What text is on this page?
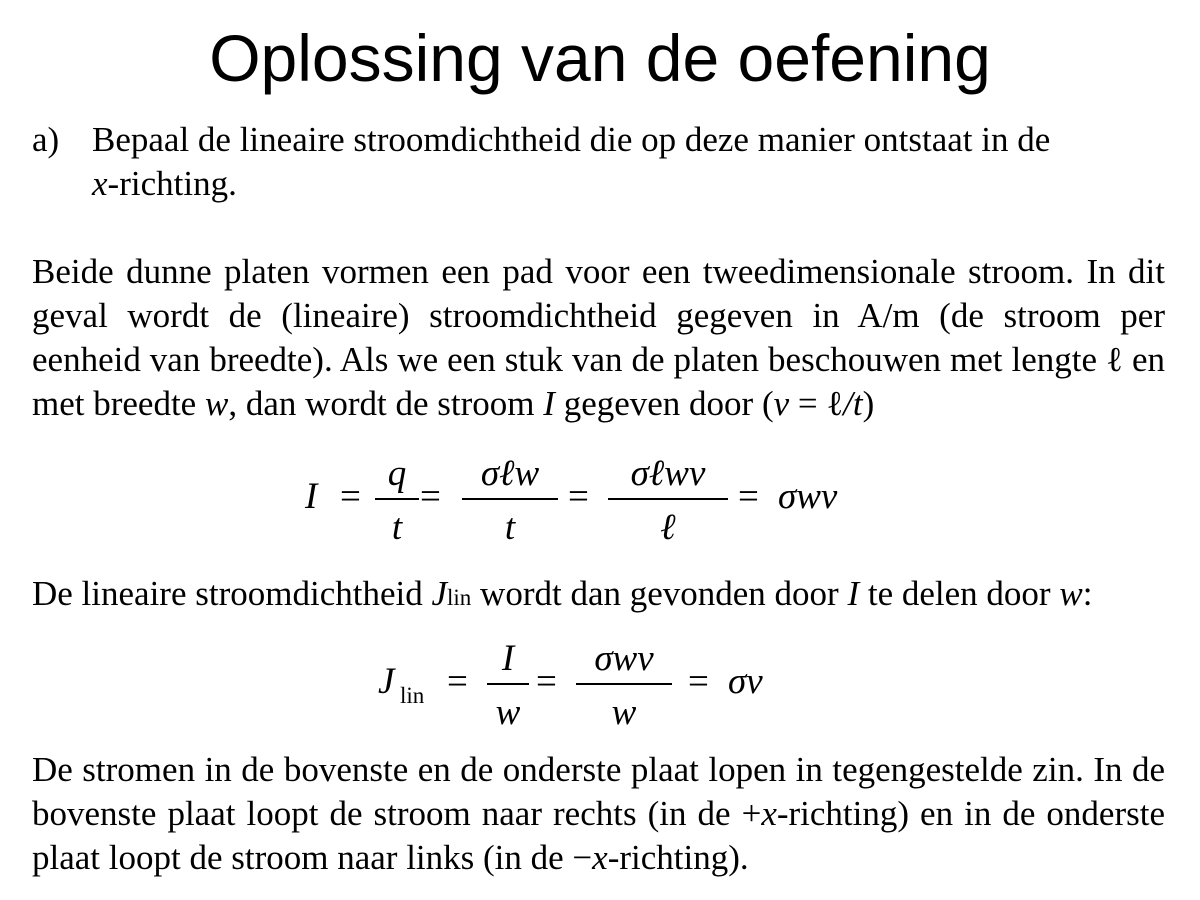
Oplossing van de oefening
a) Bepaal de lineaire stroomdichtheid die op deze manier ontstaat in de
x-richting.
Beide dunne platen vormen een pad voor een tweedimensionale stroom. In dit geval wordt de (lineaire) stroomdichtheid gegeven in A/m (de stroom per eenheid van breedte). Als we een stuk van de platen beschouwen met lengte ℓ en met breedte w, dan wordt de stroom I gegeven door (v = ℓ/t)
I =
q
t
=
σℓw
t
=
σℓwv
ℓ
= σwv
De lineaire stroomdichtheid Jlin wordt dan gevonden door I te delen door w:
J lin =
I
w
=
σwv
w
= σv
De stromen in de bovenste en de onderste plaat lopen in tegengestelde zin. In de bovenste plaat loopt de stroom naar rechts (in de +x-richting) en in de onderste plaat loopt de stroom naar links (in de −x-richting).
